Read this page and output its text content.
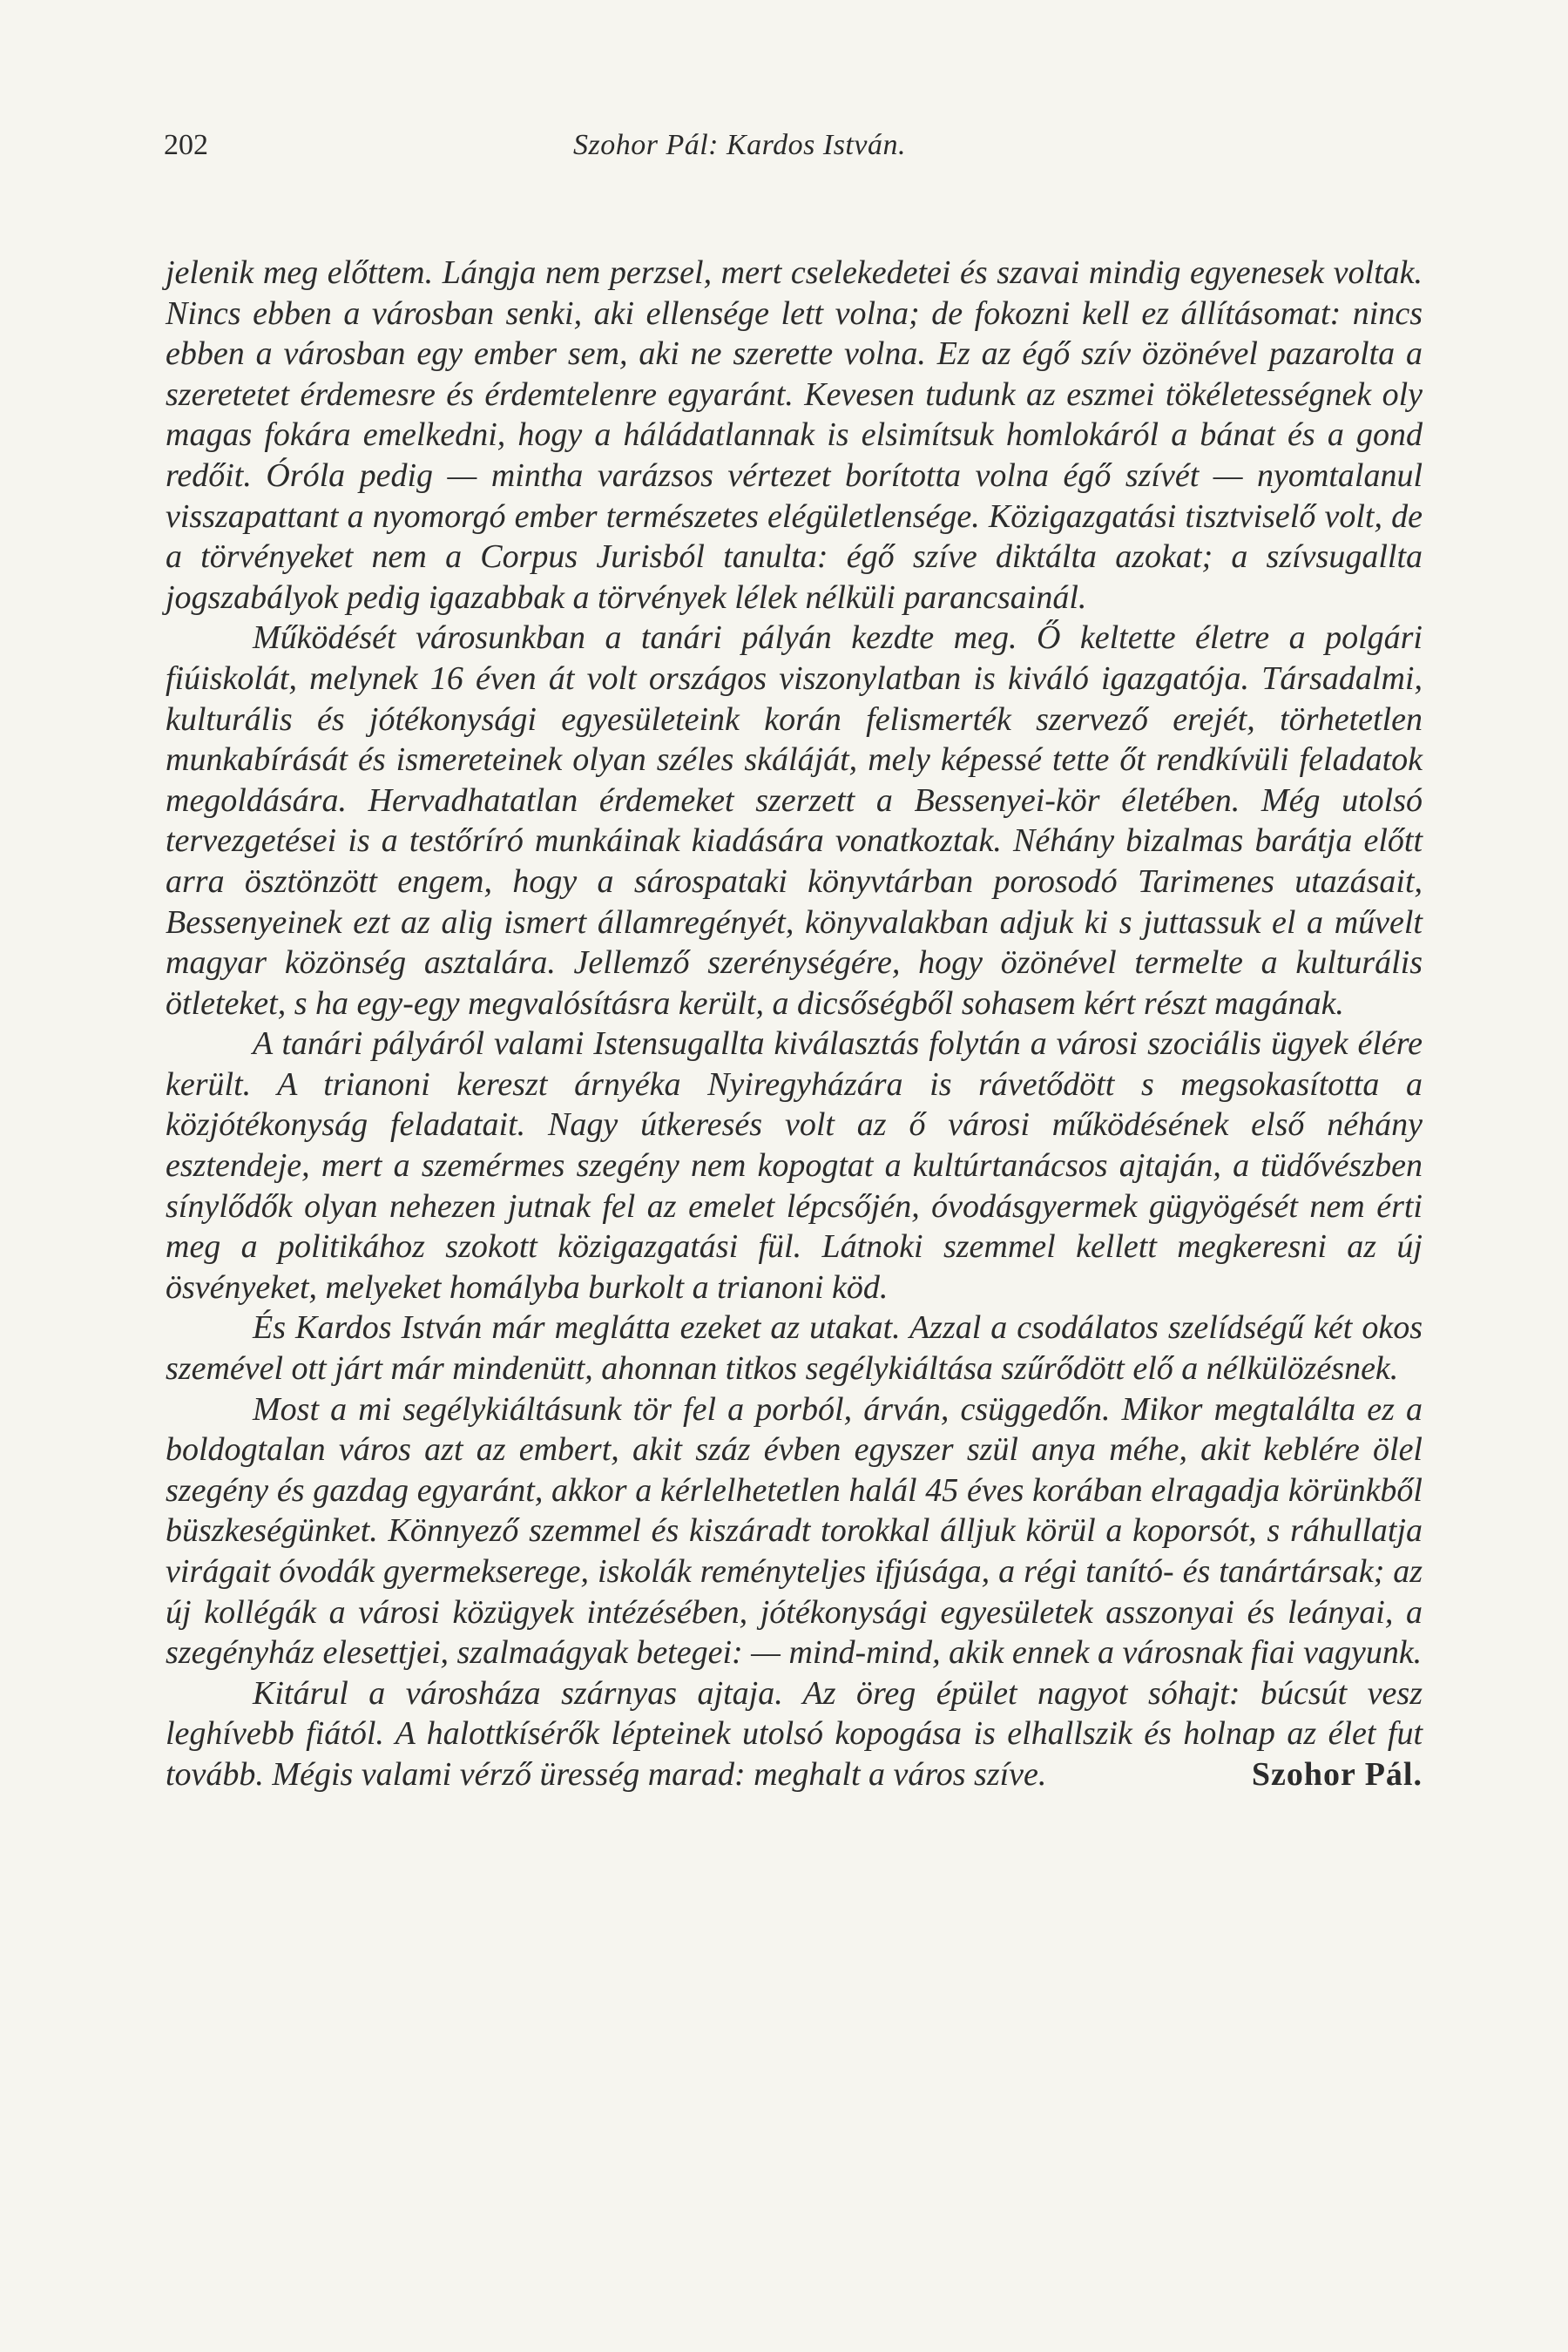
202	Szohor Pál: Kardos István.

jelenik meg előttem. Lángja nem perzsel, mert cselekedetei és szavai mindig egyenesek voltak. Nincs ebben a városban senki, aki ellensége lett volna; de fokozni kell ez állításomat: nincs ebben a városban egy ember sem, aki ne szerette volna. Ez az égő szív özönével pazarolta a szeretetet érdemesre és érdemtelenre egyaránt. Kevesen tudunk az eszmei tökéletességnek oly magas fokára emelkedni, hogy a háládatlannak is elsimítsuk homlokáról a bánat és a gond redőit. Óróla pedig — mintha varázsos vértezet borította volna égő szívét — nyomtalanul visszapattant a nyomorgó ember természetes elégületlensége. Közigazgatási tisztviselő volt, de a törvényeket nem a Corpus Jurisból tanulta: égő szíve diktálta azokat; a szívsugallta jogszabályok pedig igazabbak a törvények lélek nélküli parancsainál.

Működését városunkban a tanári pályán kezdte meg. Ő keltette életre a polgári fiúiskolát, melynek 16 éven át volt országos viszonylatban is kiváló igazgatója. Társadalmi, kulturális és jótékonysági egyesületeink korán felismerték szervező erejét, törhetetlen munkabírását és ismereteinek olyan széles skáláját, mely képessé tette őt rendkívüli feladatok megoldására. Hervadhatatlan érdemeket szerzett a Bessenyei-kör életében. Még utolsó tervezgetései is a testőríró munkáinak kiadására vonatkoztak. Néhány bizalmas barátja előtt arra ösztönzött engem, hogy a sárospataki könyvtárban porosodó Tarimenes utazásait, Bessenyeinek ezt az alig ismert államregényét, könyvalakban adjuk ki s juttassuk el a művelt magyar közönség asztalára. Jellemző szerénységére, hogy özönével termelte a kulturális ötleteket, s ha egy-egy megvalósításra került, a dicsőségből sohasem kért részt magának.

A tanári pályáról valami Istensugallta kiválasztás folytán a városi szociális ügyek élére került. A trianoni kereszt árnyéka Nyiregyházára is rávetődött s megsokasította a közjótékonyság feladatait. Nagy útkeresés volt az ő városi működésének első néhány esztendeje, mert a szemérmes szegény nem kopogtat a kultúrtanácsos ajtaján, a tüdővészben sínylődők olyan nehezen jutnak fel az emelet lépcsőjén, óvodásgyermek gügyögését nem érti meg a politikához szokott közigazgatási fül. Látnoki szemmel kellett megkeresni az új ösvényeket, melyeket homályba burkolt a trianoni köd.

És Kardos István már meglátta ezeket az utakat. Azzal a csodálatos szelídségű két okos szemével ott járt már mindenütt, ahonnan titkos segélykiáltása szűrődött elő a nélkülözésnek.

Most a mi segélykiáltásunk tör fel a porból, árván, csüggedőn. Mikor megtalálta ez a boldogtalan város azt az embert, akit száz évben egyszer szül anya méhe, akit keblére ölel szegény és gazdag egyaránt, akkor a kérlelhetetlen halál 45 éves korában elragadja körünkből büszkeségünket. Könnyező szemmel és kiszáradt torokkal álljuk körül a koporsót, s ráhullatja virágait óvodák gyermekserege, iskolák reményteljes ifjúsága, a régi tanító- és tanártársak; az új kollégák a városi közügyek intézésében, jótékonysági egyesületek asszonyai és leányai, a szegényház elesettjei, szalmaágyak betegei: — mind-mind, akik ennek a városnak fiai vagyunk.

Kitárul a városháza szárnyas ajtaja. Az öreg épület nagyot sóhajt: búcsút vesz leghívebb fiától. A halottkísérők lépteinek utolsó kopogása is elhallszik és holnap az élet fut tovább. Mégis valami vérző üresség marad: meghalt a város szíve.	Szohor Pál.
